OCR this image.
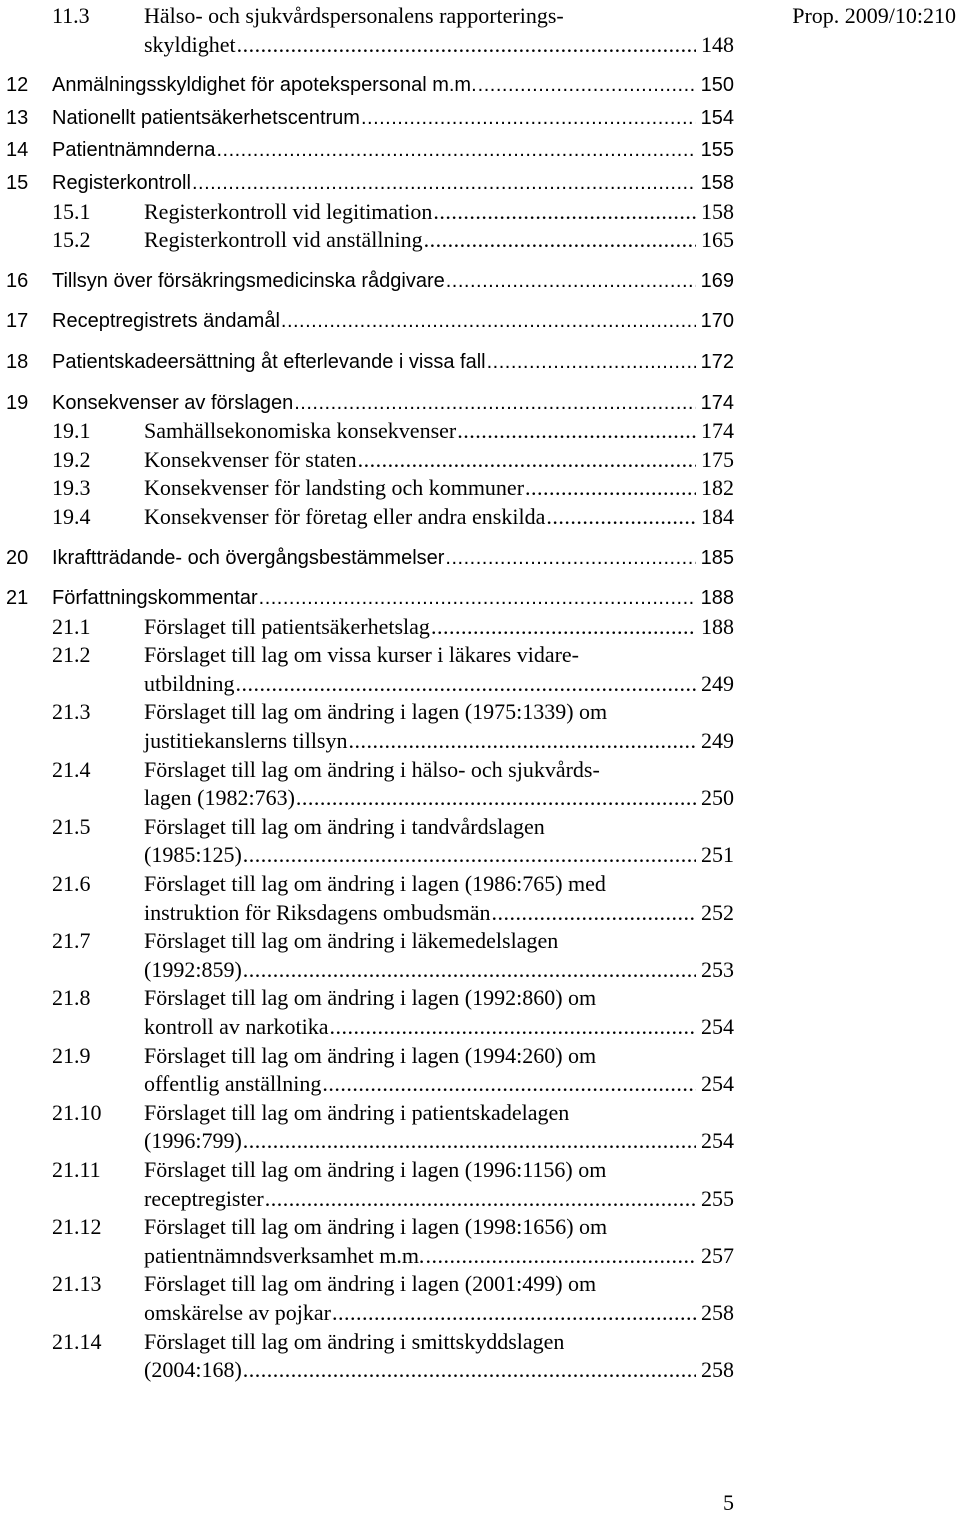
Prop. 2009/10:210
11.3	Hälso- och sjukvårdspersonalens rapporterings-
skyldighet .....	148
12	Anmälningsskyldighet för apotekspersonal m.m. .....	150
13	Nationellt patientsäkerhetscentrum .....	154
14	Patientnämnderna .....	155
15	Registerkontroll .....	158
15.1	Registerkontroll vid legitimation .....	158
15.2	Registerkontroll vid anställning .....	165
16	Tillsyn över försäkringsmedicinska rådgivare .....	169
17	Receptregistrets ändamål .....	170
18	Patientskadeersättning åt efterlevande i vissa fall .....	172
19	Konsekvenser av förslagen .....	174
19.1	Samhällsekonomiska konsekvenser .....	174
19.2	Konsekvenser för staten .....	175
19.3	Konsekvenser för landsting och kommuner .....	182
19.4	Konsekvenser för företag eller andra enskilda .....	184
20	Ikraftträdande- och övergångsbestämmelser .....	185
21	Författningskommentar .....	188
21.1	Förslaget till patientsäkerhetslag .....	188
21.2	Förslaget till lag om vissa kurser i läkares vidare-
utbildning .....	249
21.3	Förslaget till lag om ändring i lagen (1975:1339) om
justitiekanslerns tillsyn .....	249
21.4	Förslaget till lag om ändring i hälso- och sjukvårds-
lagen (1982:763) .....	250
21.5	Förslaget till lag om ändring i tandvårdslagen
(1985:125) .....	251
21.6	Förslaget till lag om ändring i lagen (1986:765) med
instruktion för Riksdagens ombudsmän .....	252
21.7	Förslaget till lag om ändring i läkemedelslagen
(1992:859) .....	253
21.8	Förslaget till lag om ändring i lagen (1992:860) om
kontroll av narkotika .....	254
21.9	Förslaget till lag om ändring i lagen (1994:260) om
offentlig anställning .....	254
21.10	Förslaget till lag om ändring i patientskadelagen
(1996:799) .....	254
21.11	Förslaget till lag om ändring i lagen (1996:1156) om
receptregister .....	255
21.12	Förslaget till lag om ändring i lagen (1998:1656) om
patientnämndsverksamhet m.m. .....	257
21.13	Förslaget till lag om ändring i lagen (2001:499) om
omskärelse av pojkar .....	258
21.14	Förslaget till lag om ändring i smittskyddslagen
(2004:168) .....	258
5
